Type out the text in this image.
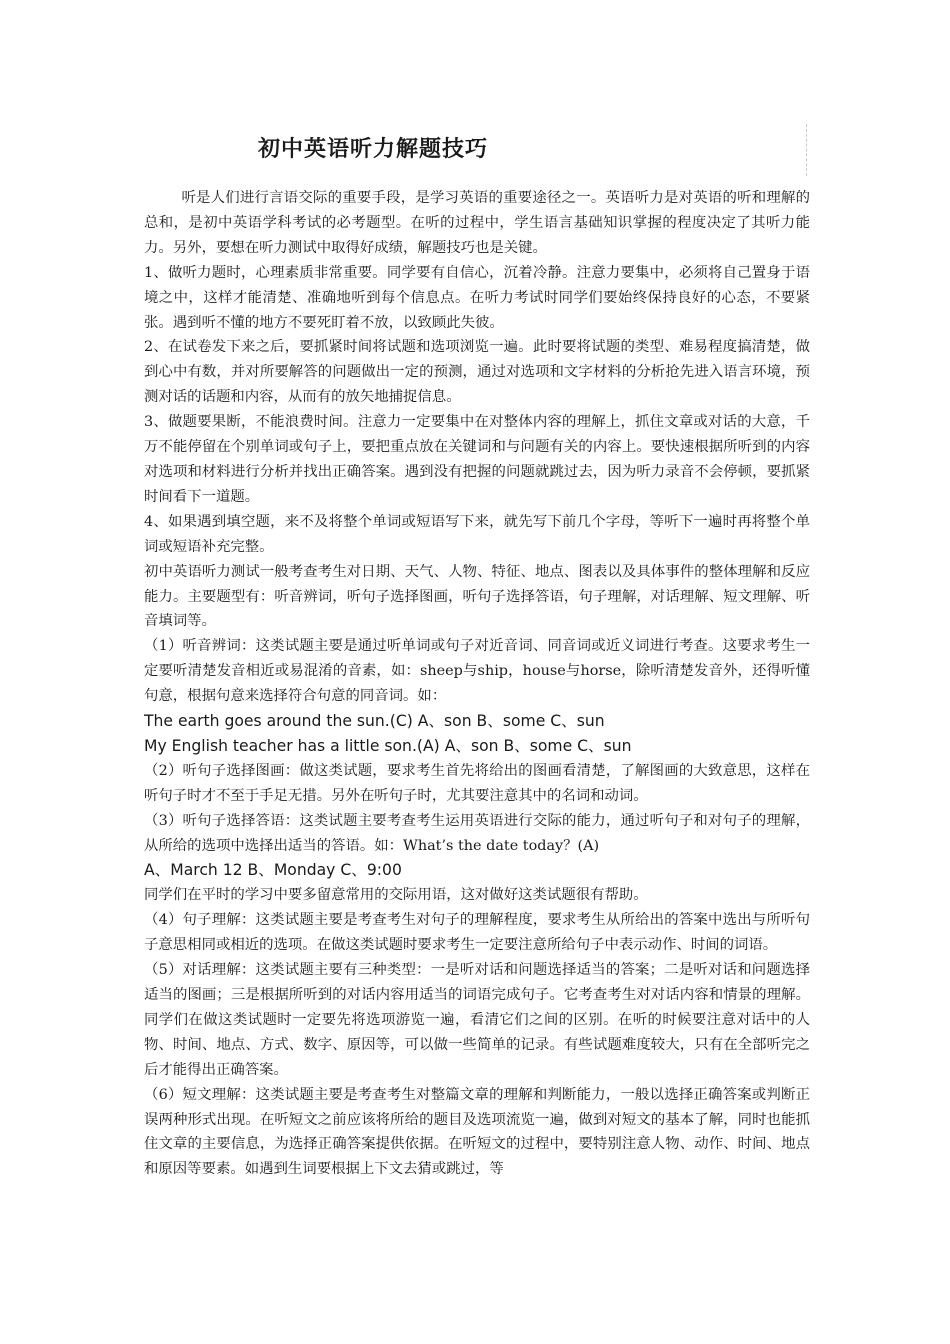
初中英语听力解题技巧

听是人们进行言语交际的重要手段，是学习英语的重要途径之一。英语听力是对英语的听和理解的总和，是初中英语学科考试的必考题型。在听的过程中，学生语言基础知识掌握的程度决定了其听力能力。另外，要想在听力测试中取得好成绩，解题技巧也是关键。

1、做听力题时，心理素质非常重要。同学要有自信心，沉着冷静。注意力要集中，必须将自己置身于语境之中，这样才能清楚、准确地听到每个信息点。在听力考试时同学们要始终保持良好的心态，不要紧张。遇到听不懂的地方不要死盯着不放，以致顾此失彼。

2、在试卷发下来之后，要抓紧时间将试题和选项浏览一遍。此时要将试题的类型、难易程度搞清楚，做到心中有数，并对所要解答的问题做出一定的预测，通过对选项和文字材料的分析抢先进入语言环境，预测对话的话题和内容，从而有的放矢地捕捉信息。

3、做题要果断，不能浪费时间。注意力一定要集中在对整体内容的理解上，抓住文章或对话的大意，千万不能停留在个别单词或句子上，要把重点放在关键词和与问题有关的内容上。要快速根据所听到的内容对选项和材料进行分析并找出正确答案。遇到没有把握的问题就跳过去，因为听力录音不会停顿，要抓紧时间看下一道题。

4、如果遇到填空题，来不及将整个单词或短语写下来，就先写下前几个字母，等听下一遍时再将整个单词或短语补充完整。

初中英语听力测试一般考查考生对日期、天气、人物、特征、地点、图表以及具体事件的整体理解和反应能力。主要题型有：听音辨词，听句子选择图画，听句子选择答语，句子理解，对话理解、短文理解、听音填词等。

（1）听音辨词：这类试题主要是通过听单词或句子对近音词、同音词或近义词进行考查。这要求考生一定要听清楚发音相近或易混淆的音素，如：sheep与ship，house与horse，除听清楚发音外，还得听懂句意，根据句意来选择符合句意的同音词。如：

The earth goes around the sun.(C) A、son B、some C、sun

My English teacher has a little son.(A) A、son B、some C、sun

（2）听句子选择图画：做这类试题，要求考生首先将给出的图画看清楚，了解图画的大致意思，这样在听句子时才不至于手足无措。另外在听句子时，尤其要注意其中的名词和动词。

（3）听句子选择答语：这类试题主要考查考生运用英语进行交际的能力，通过听句子和对句子的理解，从所给的选项中选择出适当的答语。如：What’s the date today？(A)

A、March 12 B、Monday C、9:00

同学们在平时的学习中要多留意常用的交际用语，这对做好这类试题很有帮助。

（4）句子理解：这类试题主要是考查考生对句子的理解程度，要求考生从所给出的答案中选出与所听句子意思相同或相近的选项。在做这类试题时要求考生一定要注意所给句子中表示动作、时间的词语。

（5）对话理解：这类试题主要有三种类型：一是听对话和问题选择适当的答案；二是听对话和问题选择适当的图画；三是根据所听到的对话内容用适当的词语完成句子。它考查考生对对话内容和情景的理解。同学们在做这类试题时一定要先将选项游览一遍，看清它们之间的区别。在听的时候要注意对话中的人物、时间、地点、方式、数字、原因等，可以做一些简单的记录。有些试题难度较大，只有在全部听完之后才能得出正确答案。

（6）短文理解：这类试题主要是考查考生对整篇文章的理解和判断能力，一般以选择正确答案或判断正误两种形式出现。在听短文之前应该将所给的题目及选项流览一遍，做到对短文的基本了解，同时也能抓住文章的主要信息，为选择正确答案提供依据。在听短文的过程中，要特别注意人物、动作、时间、地点和原因等要素。如遇到生词要根据上下文去猜或跳过，等
